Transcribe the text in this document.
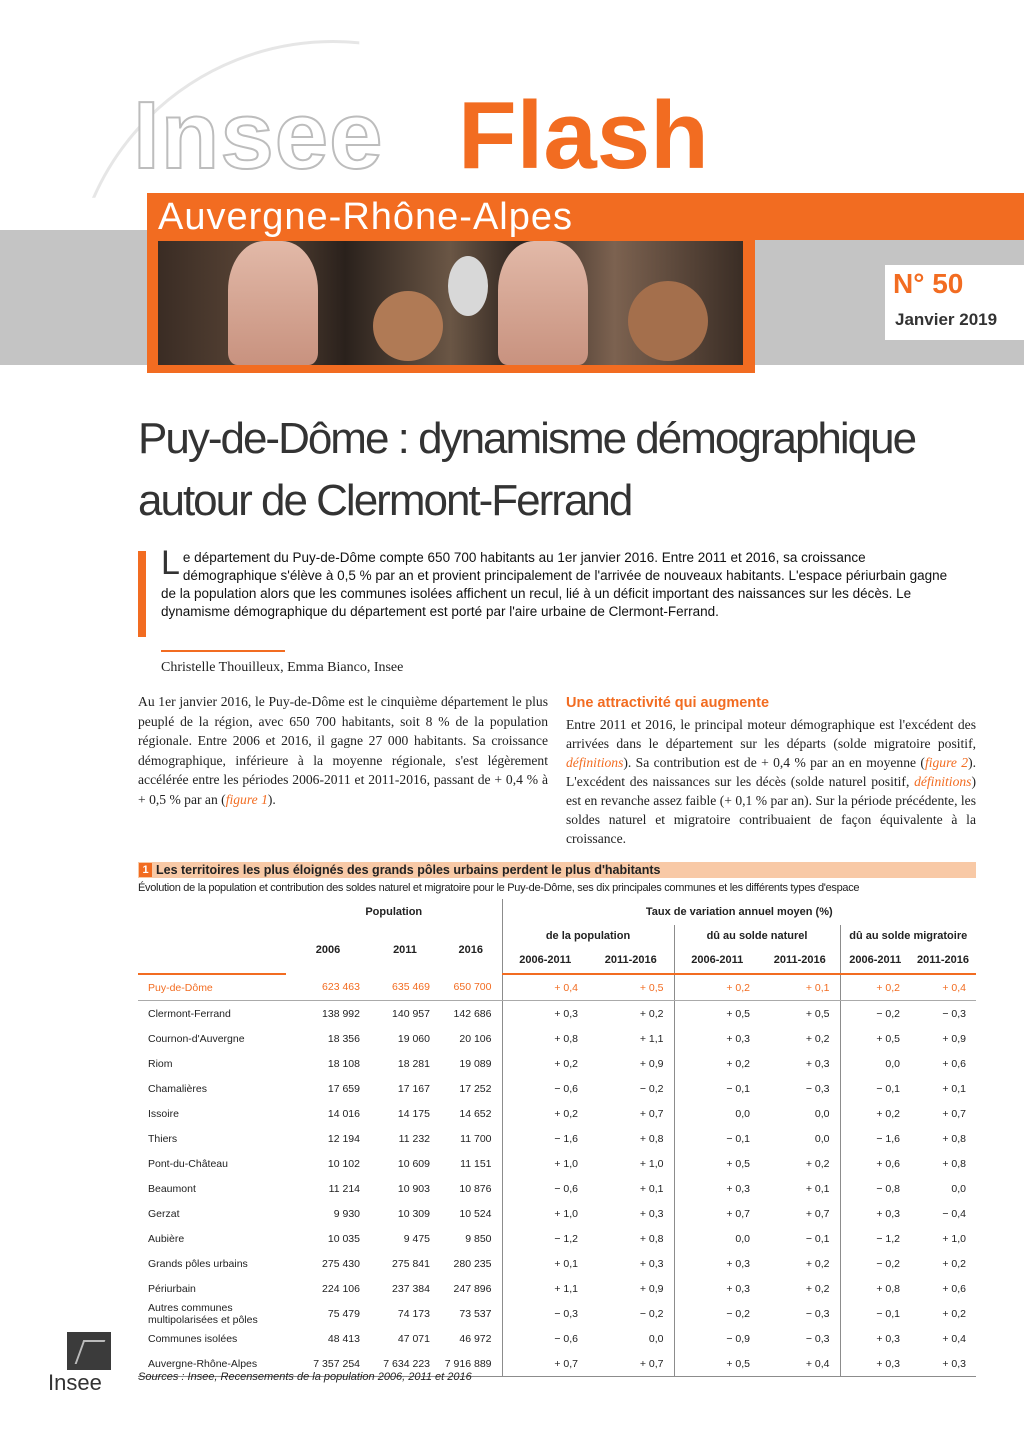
Insee Flash
Auvergne-Rhône-Alpes
N° 50
Janvier 2019
Puy-de-Dôme : dynamisme démographique autour de Clermont-Ferrand
L e département du Puy-de-Dôme compte 650 700 habitants au 1er janvier 2016. Entre 2011 et 2016, sa croissance démographique s'élève à 0,5 % par an et provient principalement de l'arrivée de nouveaux habitants. L'espace périurbain gagne de la population alors que les communes isolées affichent un recul, lié à un déficit important des naissances sur les décès. Le dynamisme démographique du département est porté par l'aire urbaine de Clermont-Ferrand.
Christelle Thouilleux, Emma Bianco, Insee
Au 1er janvier 2016, le Puy-de-Dôme est le cinquième département le plus peuplé de la région, avec 650 700 habitants, soit 8 % de la population régionale. Entre 2006 et 2016, il gagne 27 000 habitants. Sa croissance démographique, inférieure à la moyenne régionale, s'est légèrement accélérée entre les périodes 2006-2011 et 2011-2016, passant de + 0,4 % à + 0,5 % par an (figure 1).
Une attractivité qui augmente
Entre 2011 et 2016, le principal moteur démographique est l'excédent des arrivées dans le département sur les départs (solde migratoire positif, définitions). Sa contribution est de + 0,4 % par an en moyenne (figure 2). L'excédent des naissances sur les décès (solde naturel positif, définitions) est en revanche assez faible (+ 0,1 % par an). Sur la période précédente, les soldes naturel et migratoire contribuaient de façon équivalente à la croissance.
1 Les territoires les plus éloignés des grands pôles urbains perdent le plus d'habitants
Évolution de la population et contribution des soldes naturel et migratoire pour le Puy-de-Dôme, ses dix principales communes et les différents types d'espace
	Population			Taux de variation annuel moyen (%)					
	2006	2011	2016	de la population		dû au solde naturel		dû au solde migratoire	
				2006-2011	2011-2016	2006-2011	2011-2016	2006-2011	2011-2016
Puy-de-Dôme	623 463	635 469	650 700	+ 0,4	+ 0,5	+ 0,2	+ 0,1	+ 0,2	+ 0,4
Clermont-Ferrand	138 992	140 957	142 686	+ 0,3	+ 0,2	+ 0,5	+ 0,5	− 0,2	− 0,3
Cournon-d'Auvergne	18 356	19 060	20 106	+ 0,8	+ 1,1	+ 0,3	+ 0,2	+ 0,5	+ 0,9
Riom	18 108	18 281	19 089	+ 0,2	+ 0,9	+ 0,2	+ 0,3	0,0	+ 0,6
Chamalières	17 659	17 167	17 252	− 0,6	− 0,2	− 0,1	− 0,3	− 0,1	+ 0,1
Issoire	14 016	14 175	14 652	+ 0,2	+ 0,7	0,0	0,0	+ 0,2	+ 0,7
Thiers	12 194	11 232	11 700	− 1,6	+ 0,8	− 0,1	0,0	− 1,6	+ 0,8
Pont-du-Château	10 102	10 609	11 151	+ 1,0	+ 1,0	+ 0,5	+ 0,2	+ 0,6	+ 0,8
Beaumont	11 214	10 903	10 876	− 0,6	+ 0,1	+ 0,3	+ 0,1	− 0,8	0,0
Gerzat	9 930	10 309	10 524	+ 1,0	+ 0,3	+ 0,7	+ 0,7	+ 0,3	− 0,4
Aubière	10 035	9 475	9 850	− 1,2	+ 0,8	0,0	− 0,1	− 1,2	+ 1,0
Grands pôles urbains	275 430	275 841	280 235	+ 0,1	+ 0,3	+ 0,3	+ 0,2	− 0,2	+ 0,2
Périurbain	224 106	237 384	247 896	+ 1,1	+ 0,9	+ 0,3	+ 0,2	+ 0,8	+ 0,6
Autres communes multipolarisées et pôles	75 479	74 173	73 537	− 0,3	− 0,2	− 0,2	− 0,3	− 0,1	+ 0,2
Communes isolées	48 413	47 071	46 972	− 0,6	0,0	− 0,9	− 0,3	+ 0,3	+ 0,4
Auvergne-Rhône-Alpes	7 357 254	7 634 223	7 916 889	+ 0,7	+ 0,7	+ 0,5	+ 0,4	+ 0,3	+ 0,3
Sources : Insee, Recensements de la population 2006, 2011 et 2016
Insee
